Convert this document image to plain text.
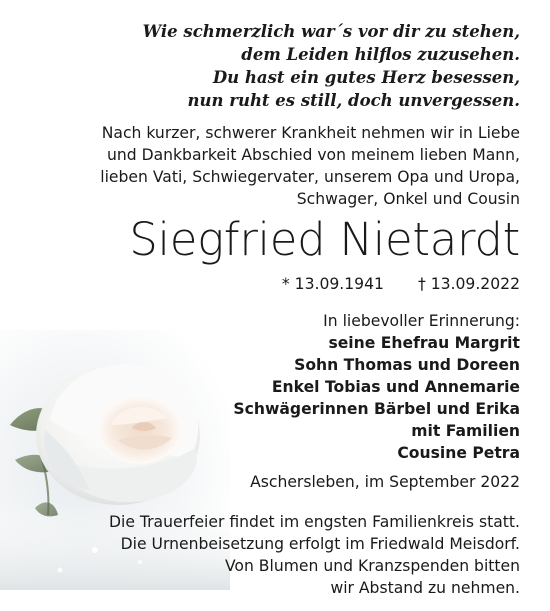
Wie schmerzlich war´s vor dir zu stehen,
dem Leiden hilflos zuzusehen.
Du hast ein gutes Herz besessen,
nun ruht es still, doch unvergessen.
Nach kurzer, schwerer Krankheit nehmen wir in Liebe
und Dankbarkeit Abschied von meinem lieben Mann,
lieben Vati, Schwiegervater, unserem Opa und Uropa,
Schwager, Onkel und Cousin
Siegfried Nietardt
* 13.09.1941 † 13.09.2022
In liebevoller Erinnerung:
seine Ehefrau Margrit
Sohn Thomas und Doreen
Enkel Tobias und Annemarie
Schwägerinnen Bärbel und Erika
mit Familien
Cousine Petra
Aschersleben, im September 2022
Die Trauerfeier findet im engsten Familienkreis statt.
Die Urnenbeisetzung erfolgt im Friedwald Meisdorf.
Von Blumen und Kranzspenden bitten
wir Abstand zu nehmen.
